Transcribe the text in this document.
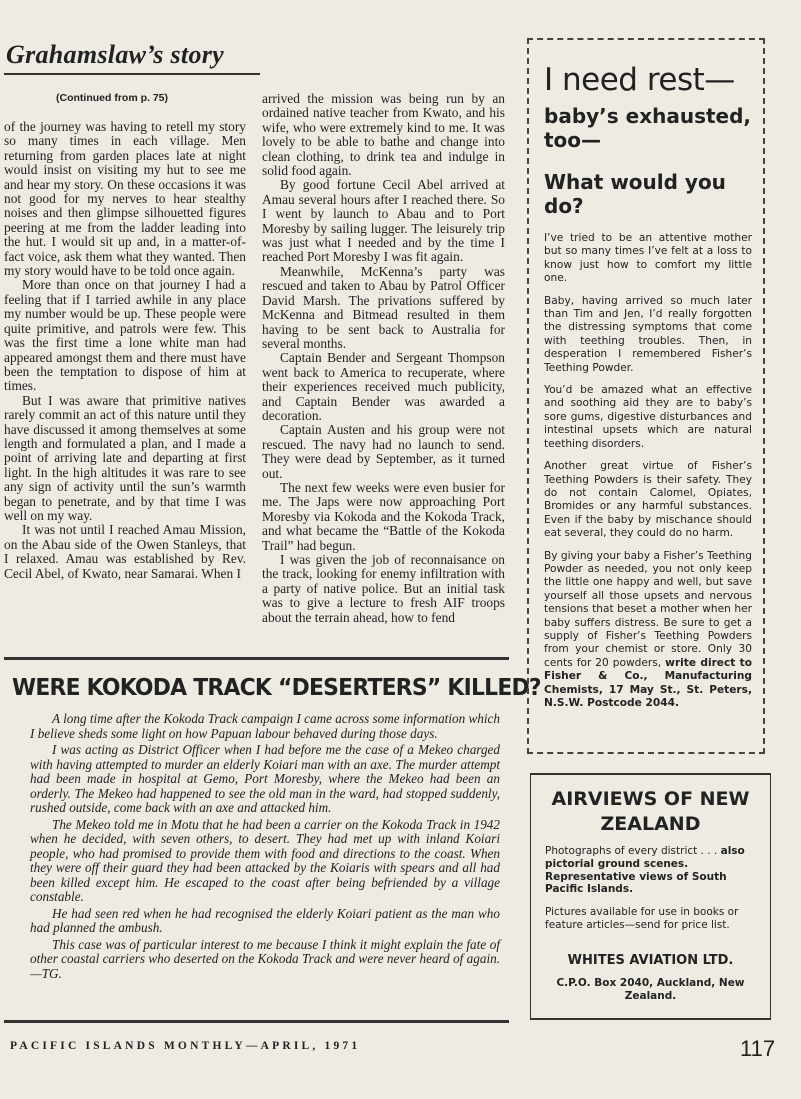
Grahamslaw’s story
(Continued from p. 75)

of the journey was having to retell my story so many times in each village. Men returning from garden places late at night would insist on visiting my hut to see me and hear my story. On these occasions it was not good for my nerves to hear stealthy noises and then glimpse silhouetted figures peering at me from the ladder leading into the hut. I would sit up and, in a matter-of-fact voice, ask them what they wanted. Then my story would have to be told once again.

More than once on that journey I had a feeling that if I tarried awhile in any place my number would be up. These people were quite primitive, and patrols were few. This was the first time a lone white man had appeared amongst them and there must have been the temptation to dispose of him at times.

But I was aware that primitive natives rarely commit an act of this nature until they have discussed it among themselves at some length and formulated a plan, and I made a point of arriving late and departing at first light. In the high altitudes it was rare to see any sign of activity until the sun’s warmth began to penetrate, and by that time I was well on my way.

It was not until I reached Amau Mission, on the Abau side of the Owen Stanleys, that I relaxed. Amau was established by Rev. Cecil Abel, of Kwato, near Samarai. When I

arrived the mission was being run by an ordained native teacher from Kwato, and his wife, who were extremely kind to me. It was lovely to be able to bathe and change into clean clothing, to drink tea and indulge in solid food again.

By good fortune Cecil Abel arrived at Amau several hours after I reached there. So I went by launch to Abau and to Port Moresby by sailing lugger. The leisurely trip was just what I needed and by the time I reached Port Moresby I was fit again.

Meanwhile, McKenna’s party was rescued and taken to Abau by Patrol Officer David Marsh. The privations suffered by McKenna and Bitmead resulted in them having to be sent back to Australia for several months.

Captain Bender and Sergeant Thompson went back to America to recuperate, where their experiences received much publicity, and Captain Bender was awarded a decoration.

Captain Austen and his group were not rescued. The navy had no launch to send. They were dead by September, as it turned out.

The next few weeks were even busier for me. The Japs were now approaching Port Moresby via Kokoda and the Kokoda Track, and what became the “Battle of the Kokoda Trail” had begun.

I was given the job of reconnaisance on the track, looking for enemy infiltration with a party of native police. But an initial task was to give a lecture to fresh AIF troops about the terrain ahead, how to fend

WERE KOKODA TRACK “DESERTERS” KILLED?

A long time after the Kokoda Track campaign I came across some information which I believe sheds some light on how Papuan labour behaved during those days.

I was acting as District Officer when I had before me the case of a Mekeo charged with having attempted to murder an elderly Koiari man with an axe. The murder attempt had been made in hospital at Gemo, Port Moresby, where the Mekeo had been an orderly. The Mekeo had happened to see the old man in the ward, had stopped suddenly, rushed outside, come back with an axe and attacked him.

The Mekeo told me in Motu that he had been a carrier on the Kokoda Track in 1942 when he decided, with seven others, to desert. They had met up with inland Koiari people, who had promised to provide them with food and directions to the coast. When they were off their guard they had been attacked by the Koiaris with spears and all had been killed except him. He escaped to the coast after being befriended by a village constable.

He had seen red when he had recognised the elderly Koiari patient as the man who had planned the ambush.

This case was of particular interest to me because I think it might explain the fate of other coastal carriers who deserted on the Kokoda Track and were never heard of again.—TG.

PACIFIC ISLANDS MONTHLY—APRIL, 1971	117
I need rest—
baby’s exhausted, too—
What would you do?

I’ve tried to be an attentive mother but so many times I’ve felt at a loss to know just how to comfort my little one.

Baby, having arrived so much later than Tim and Jen, I’d really forgotten the distressing symptoms that come with teething troubles. Then, in desperation I remembered Fisher’s Teething Powder.

You’d be amazed what an effective and soothing aid they are to baby’s sore gums, digestive disturbances and intestinal upsets which are natural teething disorders.

Another great virtue of Fisher’s Teething Powders is their safety. They do not contain Calomel, Opiates, Bromides or any harmful substances. Even if the baby by mischance should eat several, they could do no harm.

By giving your baby a Fisher’s Teething Powder as needed, you not only keep the little one happy and well, but save yourself all those upsets and nervous tensions that beset a mother when her baby suffers distress. Be sure to get a supply of Fisher’s Teething Powders from your chemist or store. Only 30 cents for 20 powders, write direct to Fisher & Co., Manufacturing Chemists, 17 May St., St. Peters, N.S.W. Postcode 2044.

AIRVIEWS OF NEW ZEALAND

Photographs of every district . . . also pictorial ground scenes. Representative views of South Pacific Islands.

Pictures available for use in books or feature articles—send for price list.

WHITES AVIATION LTD.
C.P.O. Box 2040, Auckland, New Zealand.
